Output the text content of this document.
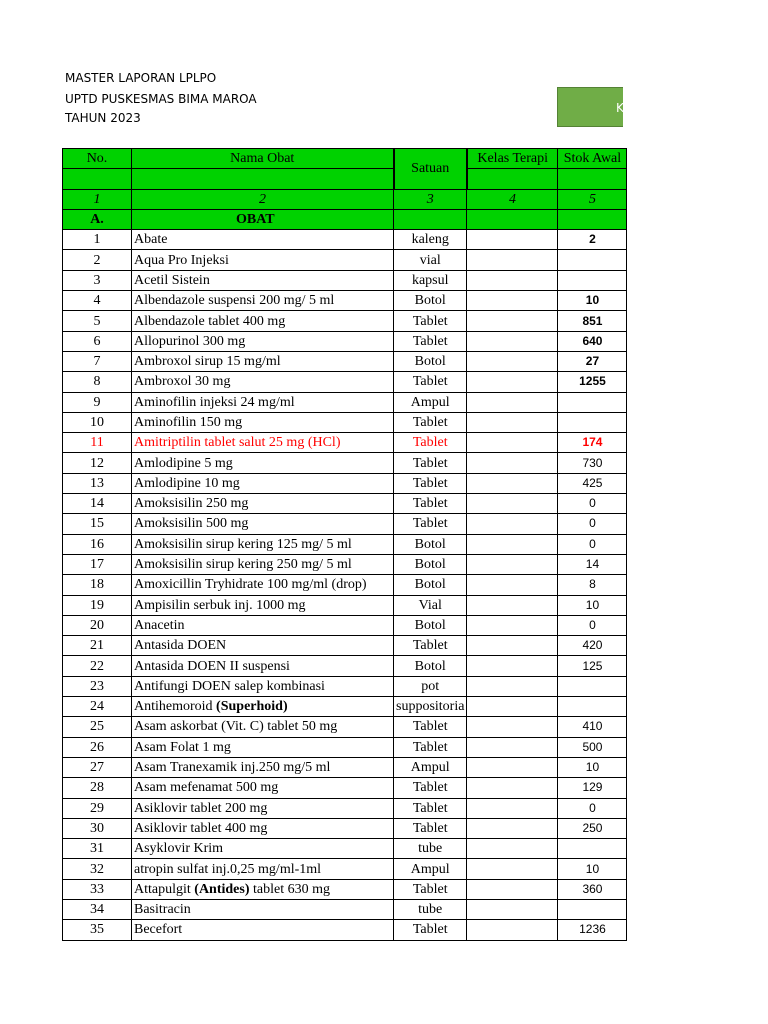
MASTER LAPORAN LPLPO
UPTD PUSKESMAS BIMA MAROA
TAHUN 2023
K
No.	Nama Obat	Satuan	Kelas Terapi	Stok Awal

1	2	3	4	5
A.	OBAT			
1	Abate	kaleng		2
2	Aqua Pro Injeksi	vial		
3	Acetil Sistein	kapsul		
4	Albendazole suspensi 200 mg/ 5 ml	Botol		10
5	Albendazole tablet 400 mg	Tablet		851
6	Allopurinol 300 mg	Tablet		640
7	Ambroxol sirup 15 mg/ml	Botol		27
8	Ambroxol 30 mg	Tablet		1255
9	Aminofilin injeksi 24 mg/ml	Ampul		
10	Aminofilin 150 mg	Tablet		
11	Amitriptilin tablet salut 25 mg (HCl)	Tablet		174
12	Amlodipine 5 mg	Tablet		730
13	Amlodipine 10 mg	Tablet		425
14	Amoksisilin 250 mg	Tablet		0
15	Amoksisilin 500 mg	Tablet		0
16	Amoksisilin sirup kering 125 mg/ 5 ml	Botol		0
17	Amoksisilin sirup kering 250 mg/ 5 ml	Botol		14
18	Amoxicillin Tryhidrate 100 mg/ml (drop)	Botol		8
19	Ampisilin serbuk inj. 1000 mg	Vial		10
20	Anacetin	Botol		0
21	Antasida DOEN	Tablet		420
22	Antasida DOEN II suspensi	Botol		125
23	Antifungi DOEN salep kombinasi	pot		
24	Antihemoroid (Superhoid)	suppositoria		
25	Asam askorbat (Vit. C) tablet 50 mg	Tablet		410
26	Asam Folat 1 mg	Tablet		500
27	Asam Tranexamik inj.250 mg/5 ml	Ampul		10
28	Asam mefenamat 500 mg	Tablet		129
29	Asiklovir tablet 200 mg	Tablet		0
30	Asiklovir tablet 400 mg	Tablet		250
31	Asyklovir Krim	tube		
32	atropin sulfat inj.0,25 mg/ml-1ml	Ampul		10
33	Attapulgit (Antides) tablet 630 mg	Tablet		360
34	Basitracin	tube		
35	Becefort	Tablet		1236
